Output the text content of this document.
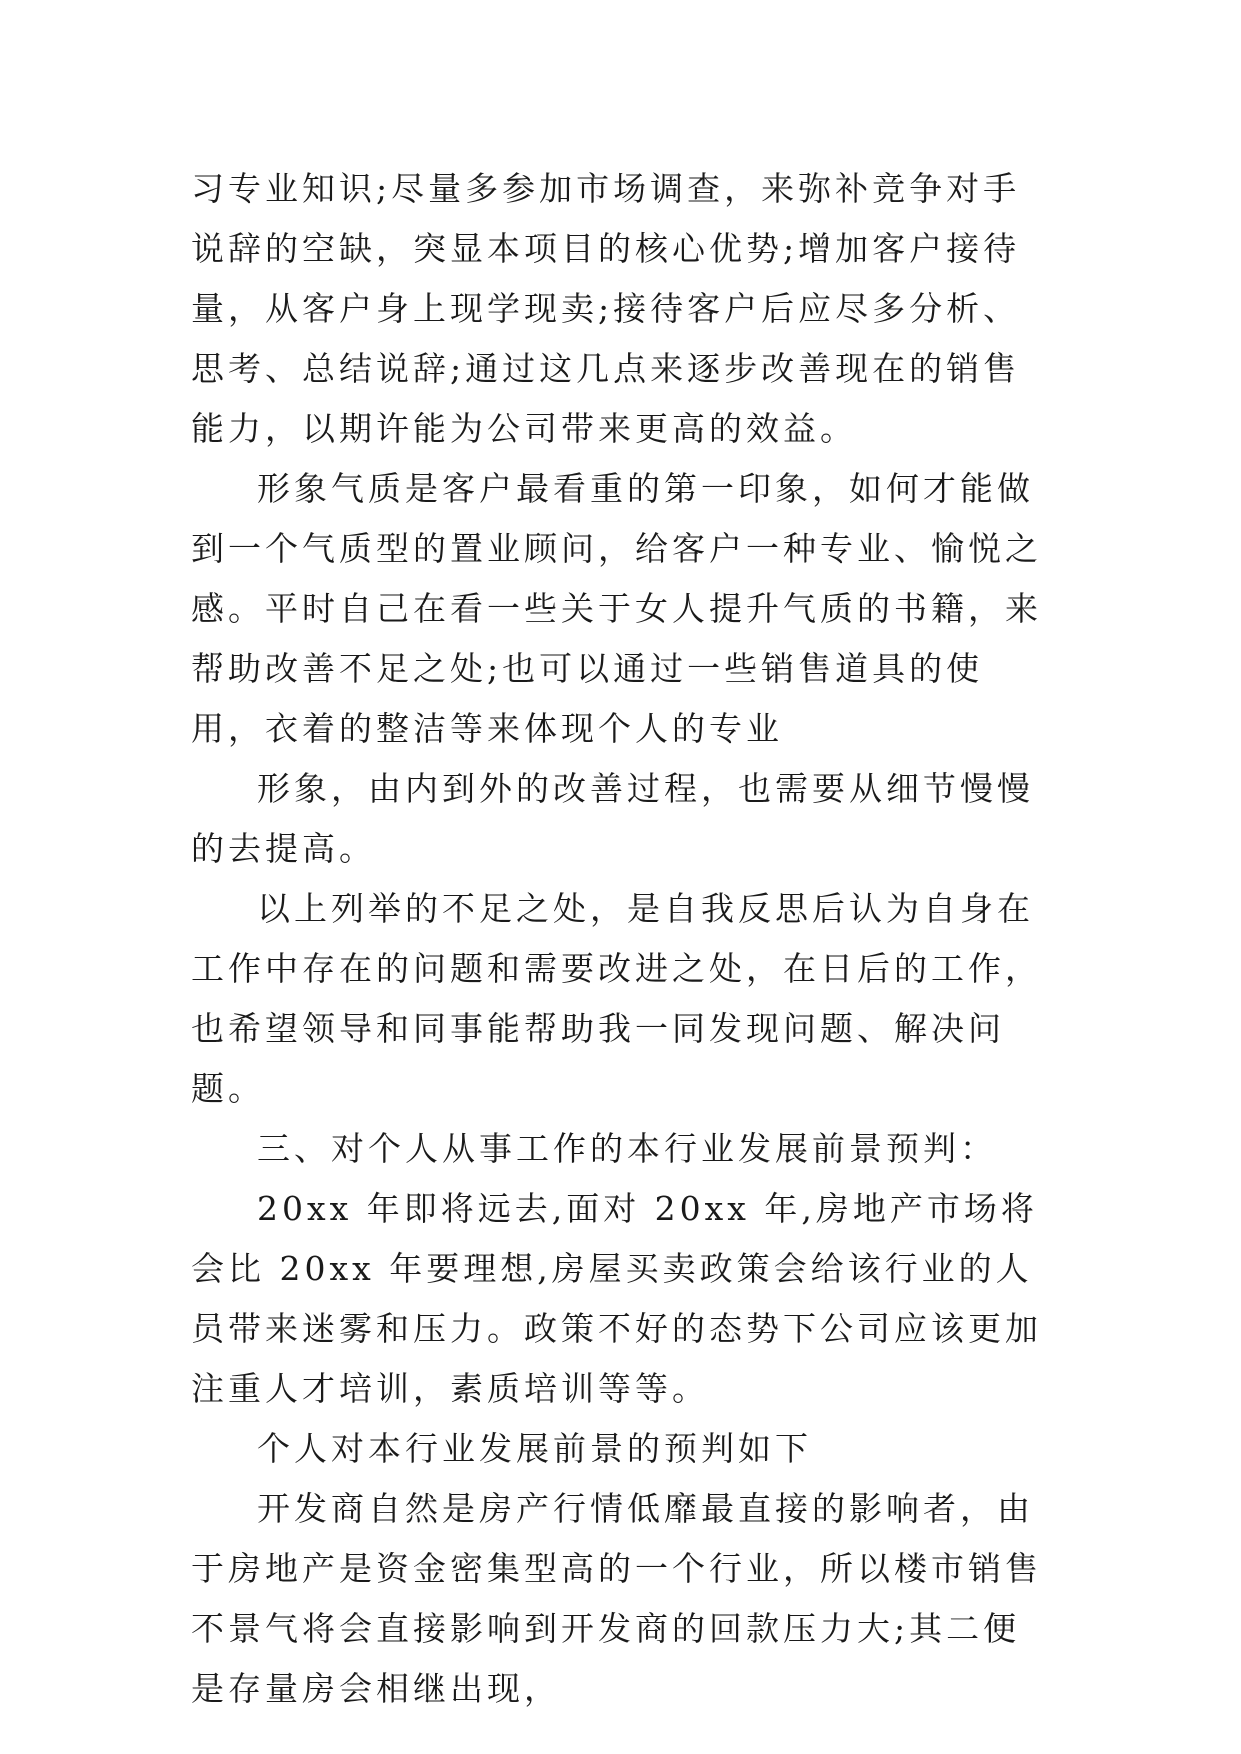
习专业知识;尽量多参加市场调查，来弥补竞争对手说辞的空缺，突显本项目的核心优势;增加客户接待量，从客户身上现学现卖;接待客户后应尽多分析、思考、总结说辞;通过这几点来逐步改善现在的销售能力，以期许能为公司带来更高的效益。

形象气质是客户最看重的第一印象，如何才能做到一个气质型的置业顾问，给客户一种专业、愉悦之感。平时自己在看一些关于女人提升气质的书籍，来帮助改善不足之处;也可以通过一些销售道具的使用，衣着的整洁等来体现个人的专业

形象，由内到外的改善过程，也需要从细节慢慢的去提高。

以上列举的不足之处，是自我反思后认为自身在工作中存在的问题和需要改进之处，在日后的工作，也希望领导和同事能帮助我一同发现问题、解决问题。

三、对个人从事工作的本行业发展前景预判：

20xx 年即将远去,面对 20xx 年,房地产市场将会比 20xx 年要理想,房屋买卖政策会给该行业的人员带来迷雾和压力。政策不好的态势下公司应该更加注重人才培训，素质培训等等。

个人对本行业发展前景的预判如下

开发商自然是房产行情低靡最直接的影响者，由于房地产是资金密集型高的一个行业，所以楼市销售不景气将会直接影响到开发商的回款压力大;其二便是存量房会相继出现，
